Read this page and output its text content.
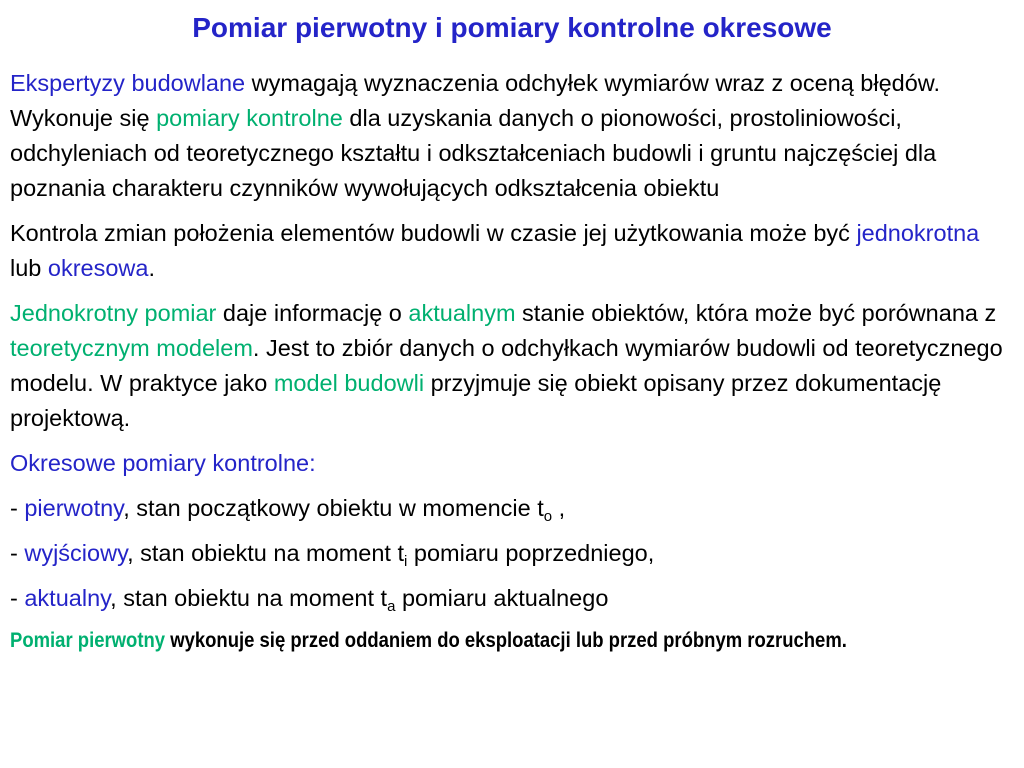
Pomiar pierwotny i pomiary kontrolne okresowe

Ekspertyzy budowlane wymagają wyznaczenia odchyłek wymiarów wraz z oceną błędów. Wykonuje się pomiary kontrolne dla uzyskania danych o pionowości, prostoliniowości, odchyleniach od teoretycznego kształtu i odkształceniach budowli i gruntu najczęściej dla poznania charakteru czynników wywołujących odkształcenia obiektu

Kontrola zmian położenia elementów budowli w czasie jej użytkowania może być jednokrotna lub okresowa.

Jednokrotny pomiar daje informację o aktualnym stanie obiektów, która może być porównana z teoretycznym modelem. Jest to zbiór danych o odchyłkach wymiarów budowli od teoretycznego modelu. W praktyce jako model budowli przyjmuje się obiekt opisany przez dokumentację projektową.

Okresowe pomiary kontrolne:

- pierwotny, stan początkowy obiektu w momencie $t_o$ ,

- wyjściowy, stan obiektu na moment $t_i$ pomiaru poprzedniego,

- aktualny, stan obiektu na moment $t_a$ pomiaru aktualnego

Pomiar pierwotny wykonuje się przed oddaniem do eksploatacji lub przed próbnym rozruchem.
